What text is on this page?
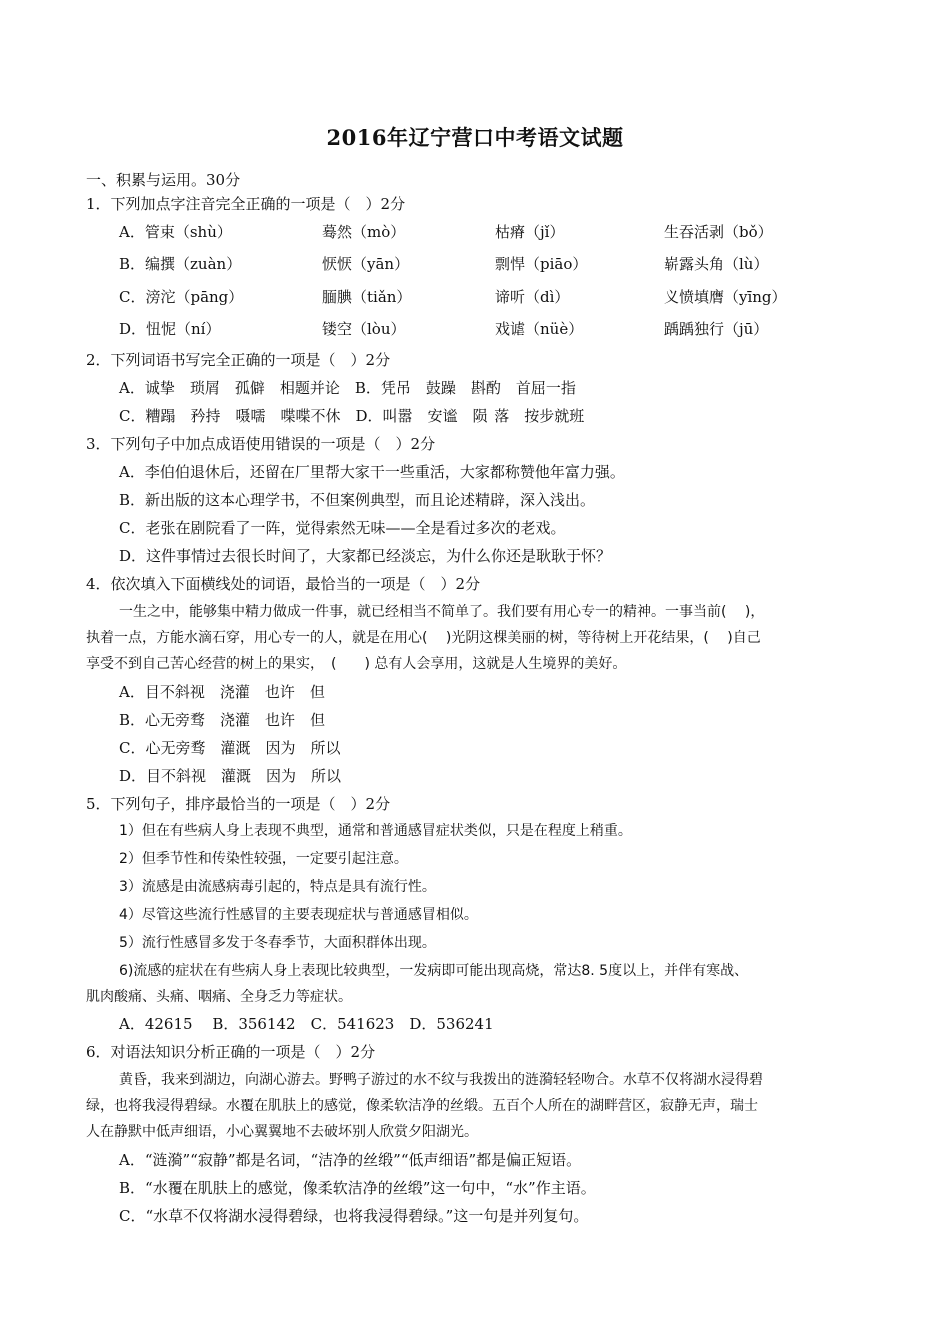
2016年辽宁营口中考语文试题
一、积累与运用。30分
1．下列加点字注音完全正确的一项是（　）2分
A．管束（shù）	蓦然（mò）	枯瘠（jǐ）	生吞活剥（bǒ）
B．编撰（zuàn）	恹恹（yān）	剽悍（piāo）	崭露头角（lù）
C．滂沱（pāng）	腼腆（tiǎn）	谛听（dì）	义愤填膺（yīng）
D．忸怩（ní）	镂空（lòu）	戏谑（nüè）	踽踽独行（jū）
2．下列词语书写完全正确的一项是（　）2分
A．诚挚　琐屑　孤僻　相题并论　B．凭吊　鼓躁　斟酌　首屈一指
C．糟蹋　矜持　嗫嚅　喋喋不休　D．叫嚣　安谧　陨 落　按步就班
3．下列句子中加点成语使用错误的一项是（　）2分
A．李伯伯退休后，还留在厂里帮大家干一些重活，大家都称赞他年富力强。
B．新出版的这本心理学书，不但案例典型，而且论述精辟，深入浅出。
C．老张在剧院看了一阵，觉得索然无味——全是看过多次的老戏。
D．这件事情过去很长时间了，大家都已经淡忘，为什么你还是耿耿于怀？
4．依次填入下面横线处的词语，最恰当的一项是（　）2分
一生之中，能够集中精力做成一件事，就已经相当不简单了。我们要有用心专一的精神。一事当前(　 )，
执着一点，方能水滴石穿，用心专一的人，就是在用心(　 )光阴这棵美丽的树，等待树上开花结果，(　 )自己
享受不到自己苦心经营的树上的果实，　(　　) 总有人会享用，这就是人生境界的美好。
A．目不斜视　浇灌　也许　但
B．心无旁骛　浇灌　也许　但
C．心无旁骛　灌溉　因为　所以
D．目不斜视　灌溉　因为　所以
5．下列句子，排序最恰当的一项是（　）2分
1）但在有些病人身上表现不典型，通常和普通感冒症状类似，只是在程度上稍重。
2）但季节性和传染性较强，一定要引起注意。
3）流感是由流感病毒引起的，特点是具有流行性。
4）尽管这些流行性感冒的主要表现症状与普通感冒相似。
5）流行性感冒多发于冬春季节，大面积群体出现。
6)流感的症状在有些病人身上表现比较典型，一发病即可能出现高烧，常达8. 5度以上，并伴有寒战、
肌肉酸痛、头痛、咽痛、全身乏力等症状。
A．42615　 B．356142　C．541623　D．536241
6．对语法知识分析正确的一项是（　）2分
黄昏，我来到湖边，向湖心游去。野鸭子游过的水不纹与我拨出的涟漪轻轻吻合。水草不仅将湖水浸得碧
绿，也将我浸得碧绿。水覆在肌肤上的感觉，像柔软洁净的丝缎。五百个人所在的湖畔营区，寂静无声，瑞士
人在静默中低声细语，小心翼翼地不去破坏别人欣赏夕阳湖光。
A．“涟漪”“寂静”都是名词，“洁净的丝缎”“低声细语”都是偏正短语。
B．“水覆在肌肤上的感觉，像柔软洁净的丝缎”这一句中，“水”作主语。
C．“水草不仅将湖水浸得碧绿，也将我浸得碧绿。”这一句是并列复句。
